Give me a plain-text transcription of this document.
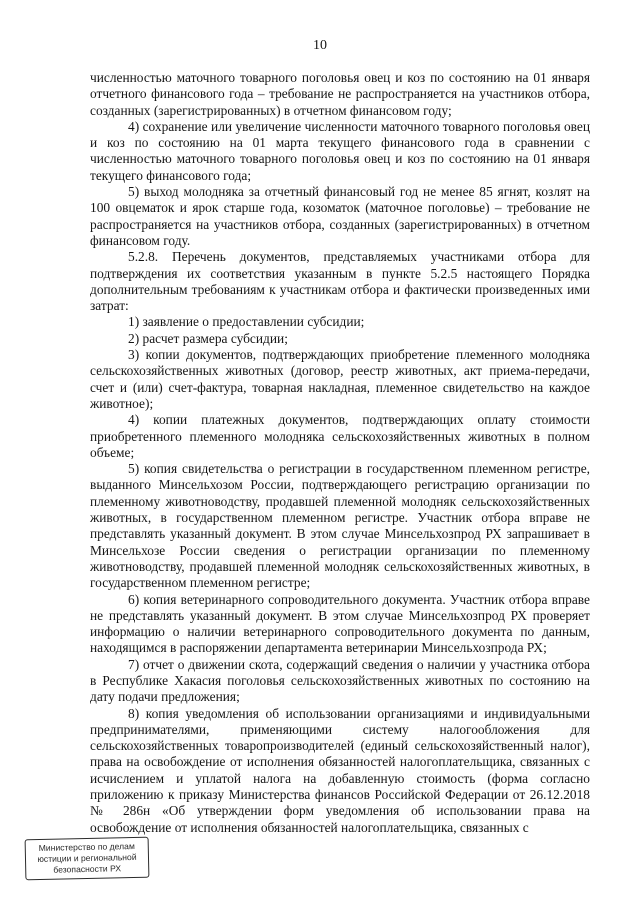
10

численностью маточного товарного поголовья овец и коз по состоянию на 01 января отчетного финансового года – требование не распространяется на участников отбора, созданных (зарегистрированных) в отчетном финансовом году;

4) сохранение или увеличение численности маточного товарного поголовья овец и коз по состоянию на 01 марта текущего финансового года в сравнении с численностью маточного товарного поголовья овец и коз по состоянию на 01 января текущего финансового года;

5) выход молодняка за отчетный финансовый год не менее 85 ягнят, козлят на 100 овцематок и ярок старше года, козоматок (маточное поголовье) – требование не распространяется на участников отбора, созданных (зарегистрированных) в отчетном финансовом году.

5.2.8. Перечень документов, представляемых участниками отбора для подтверждения их соответствия указанным в пункте 5.2.5 настоящего Порядка дополнительным требованиям к участникам отбора и фактически произведенных ими затрат:

1) заявление о предоставлении субсидии;

2) расчет размера субсидии;

3) копии документов, подтверждающих приобретение племенного молодняка сельскохозяйственных животных (договор, реестр животных, акт приема-передачи, счет и (или) счет-фактура, товарная накладная, племенное свидетельство на каждое животное);

4) копии платежных документов, подтверждающих оплату стоимости приобретенного племенного молодняка сельскохозяйственных животных в полном объеме;

5) копия свидетельства о регистрации в государственном племенном регистре, выданного Минсельхозом России, подтверждающего регистрацию организации по племенному животноводству, продавшей племенной молодняк сельскохозяйственных животных, в государственном племенном регистре. Участник отбора вправе не представлять указанный документ. В этом случае Минсельхозпрод РХ запрашивает в Минсельхозе России сведения о регистрации организации по племенному животноводству, продавшей племенной молодняк сельскохозяйственных животных, в государственном племенном регистре;

6) копия ветеринарного сопроводительного документа. Участник отбора вправе не представлять указанный документ. В этом случае Минсельхозпрод РХ проверяет информацию о наличии ветеринарного сопроводительного документа по данным, находящимся в распоряжении департамента ветеринарии Минсельхозпрода РХ;

7) отчет о движении скота, содержащий сведения о наличии у участника отбора в Республике Хакасия поголовья сельскохозяйственных животных по состоянию на дату подачи предложения;

8) копия уведомления об использовании организациями и индивидуальными предпринимателями, применяющими систему налогообложения для сельскохозяйственных товаропроизводителей (единый сельскохозяйственный налог), права на освобождение от исполнения обязанностей налогоплательщика, связанных с исчислением и уплатой налога на добавленную стоимость (форма согласно приложению к приказу Министерства финансов Российской Федерации от 26.12.2018 № 286н «Об утверждении форм уведомления об использовании права на освобождение от исполнения обязанностей налогоплательщика, связанных с

Министерство по делам
юстиции и региональной
безопасности РХ
